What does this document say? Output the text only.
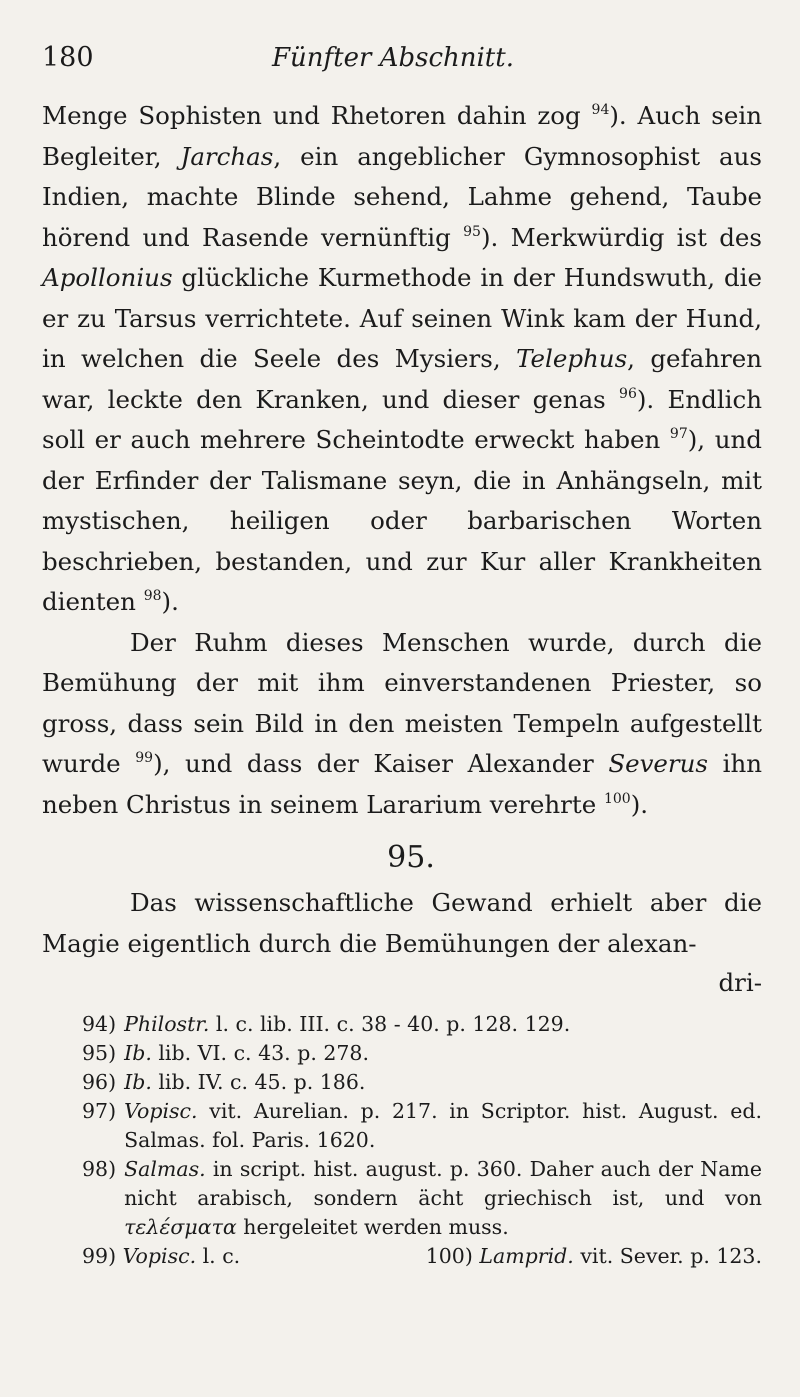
180	Fünfter Abschnitt.

Menge Sophisten und Rhetoren dahin zog $^{94}$). Auch sein Begleiter, Jarchas, ein angeblicher Gymnosophist aus Indien, machte Blinde sehend, Lahme gehend, Taube hörend und Rasende vernünftig $^{95}$). Merkwürdig ist des Apollonius glückliche Kurmethode in der Hundswuth, die er zu Tarsus verrichtete. Auf seinen Wink kam der Hund, in welchen die Seele des Mysiers, Telephus, gefahren war, leckte den Kranken, und dieser genas $^{96}$). Endlich soll er auch mehrere Scheintodte erweckt haben $^{97}$), und der Erfinder der Talismane seyn, die in Anhängseln, mit mystischen, heiligen oder barbarischen Worten beschrieben, bestanden, und zur Kur aller Krankheiten dienten $^{98}$).

Der Ruhm dieses Menschen wurde, durch die Bemühung der mit ihm einverstandenen Priester, so gross, dass sein Bild in den meisten Tempeln aufgestellt wurde $^{99}$), und dass der Kaiser Alexander Severus ihn neben Christus in seinem Lararium verehrte $^{100}$).

95.

Das wissenschaftliche Gewand erhielt aber die Magie eigentlich durch die Bemühungen der alexan-

dri-
94) Philostr. l. c. lib. III. c. 38 - 40. p. 128. 129.
95) Ib. lib. VI. c. 43. p. 278.
96) Ib. lib. IV. c. 45. p. 186.
97) Vopisc. vit. Aurelian. p. 217. in Scriptor. hist. August. ed. Salmas. fol. Paris. 1620.
98) Salmas. in script. hist. august. p. 360. Daher auch der Name nicht arabisch, sondern ächt griechisch ist, und von τελέσματα hergeleitet werden muss.
99) Vopisc. l. c.	100) Lamprid. vit. Sever. p. 123.
